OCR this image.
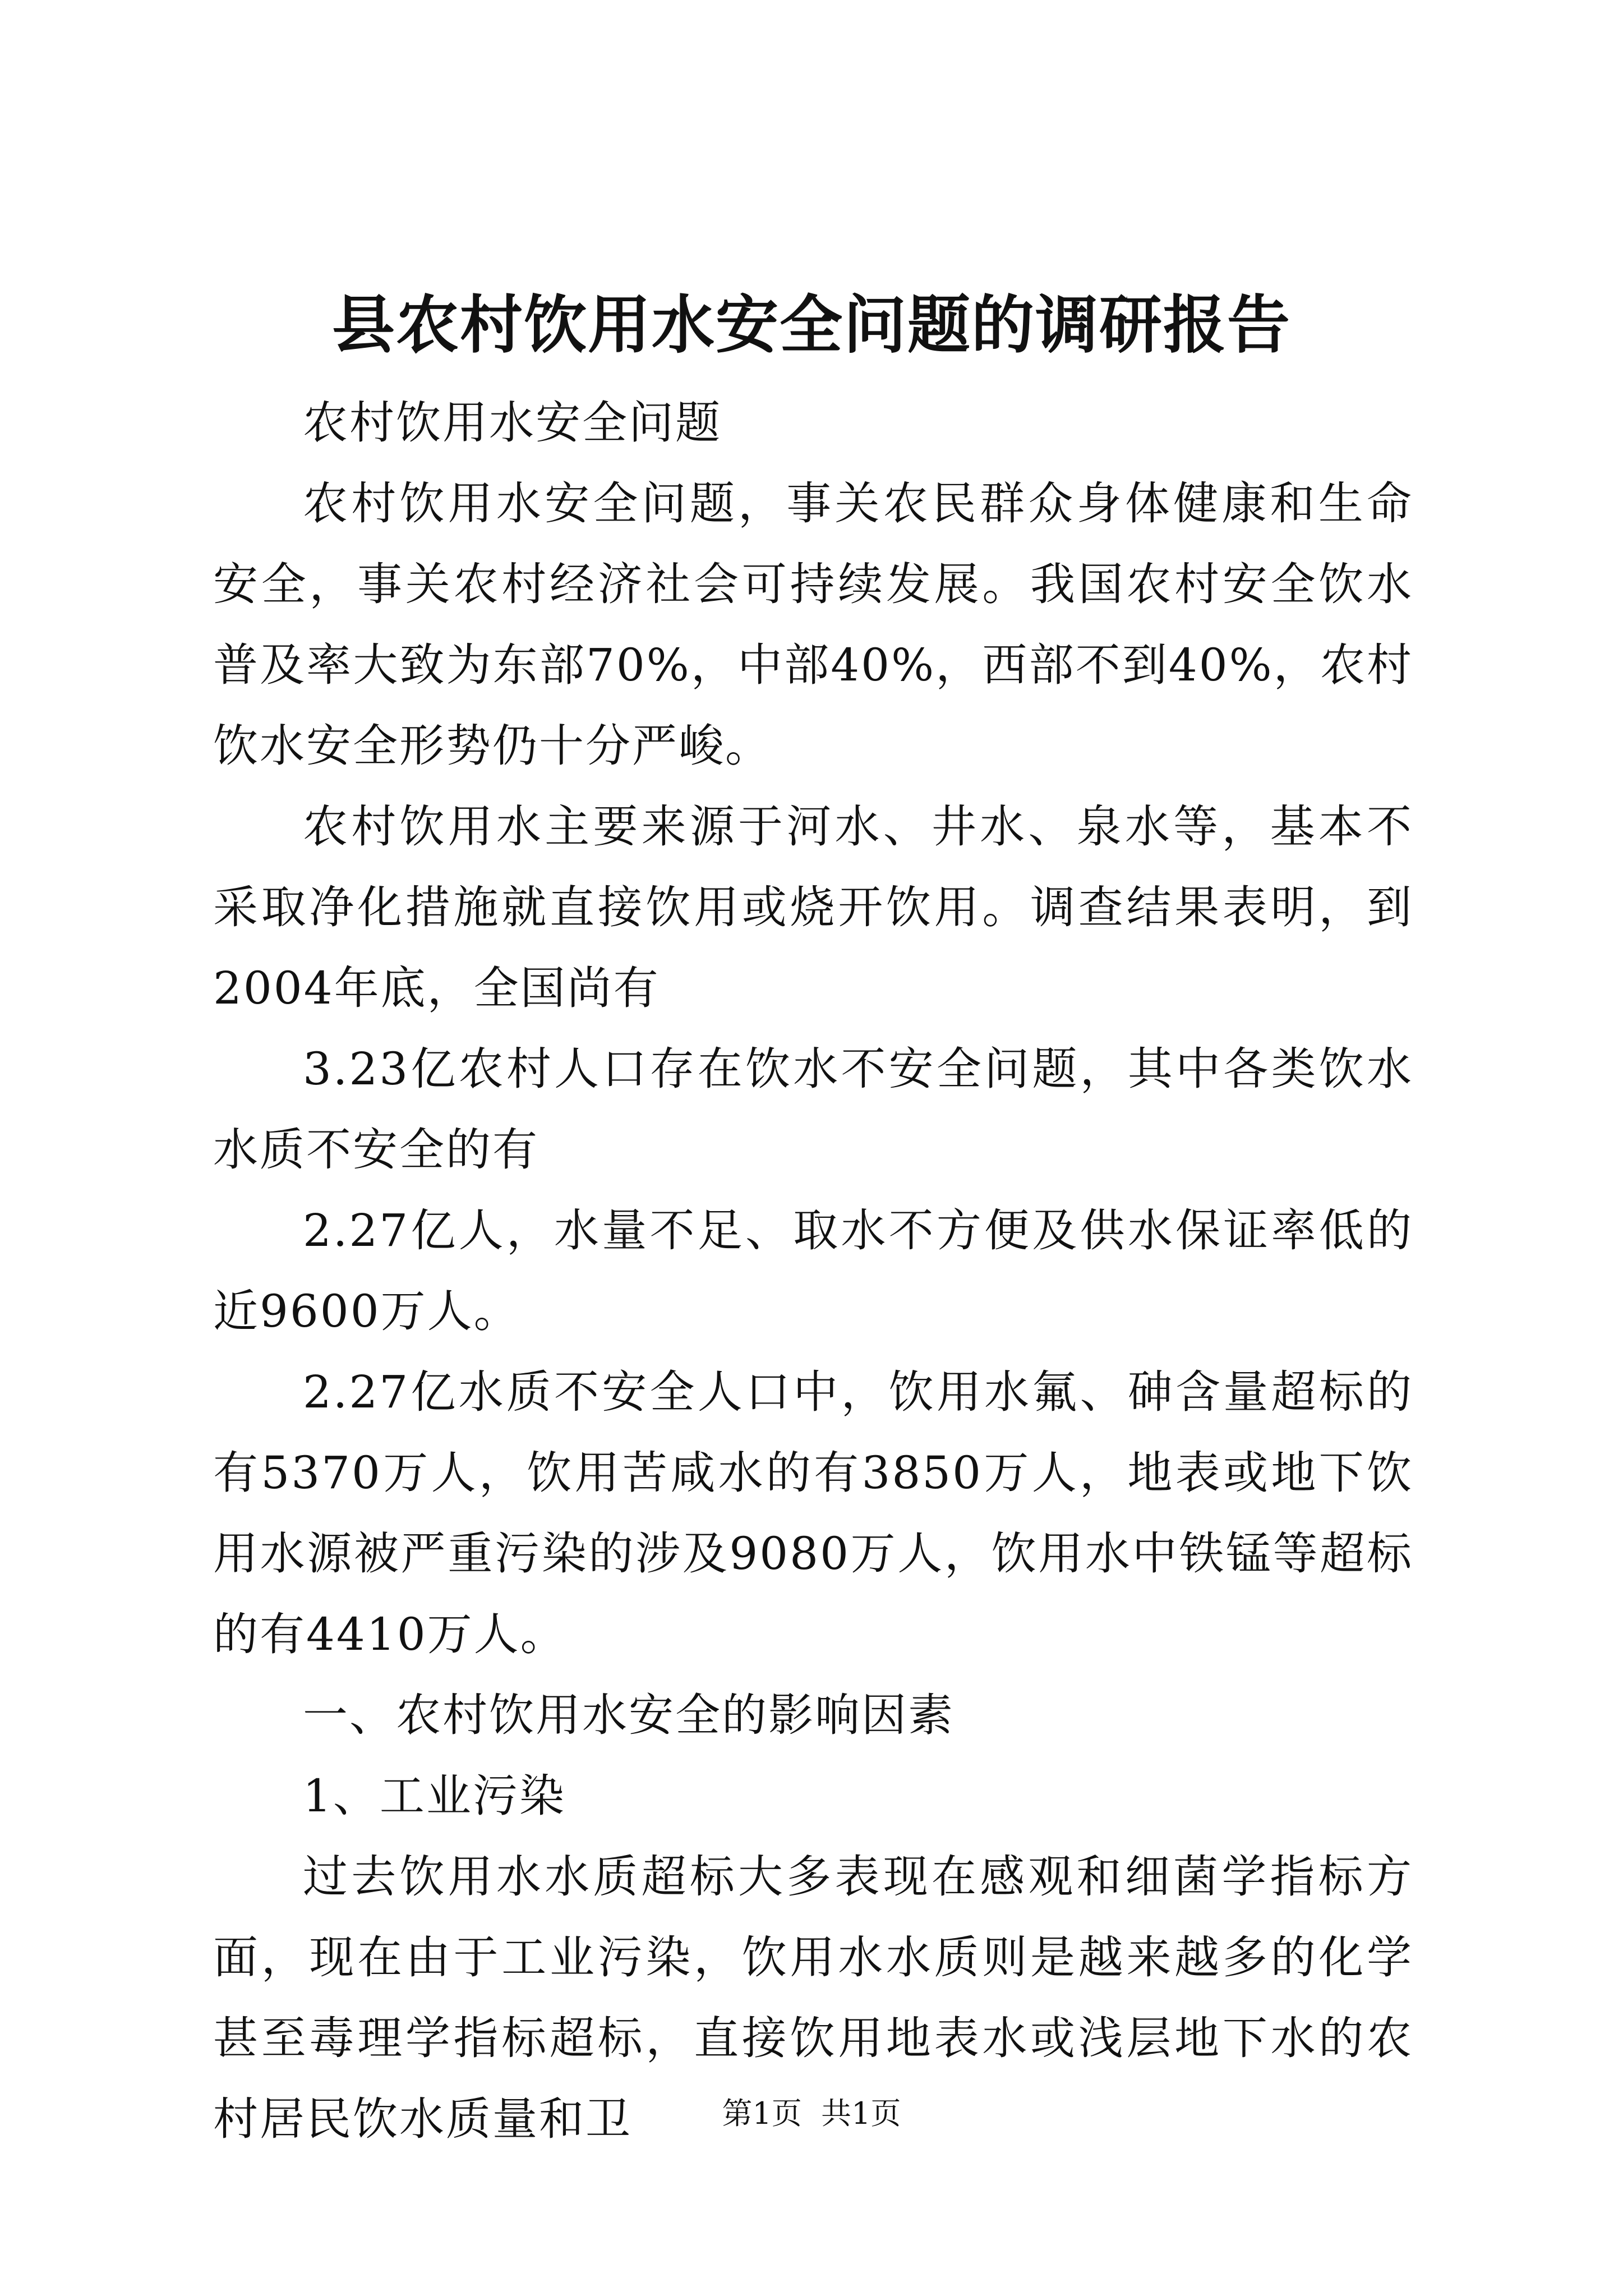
县农村饮用水安全问题的调研报告

农村饮用水安全问题

农村饮用水安全问题，事关农民群众身体健康和生命安全，事关农村经济社会可持续发展。我国农村安全饮水普及率大致为东部70%，中部40%，西部不到40%，农村饮水安全形势仍十分严峻。

农村饮用水主要来源于河水、井水、泉水等，基本不采取净化措施就直接饮用或烧开饮用。调查结果表明，到2004年底，全国尚有

3.23亿农村人口存在饮水不安全问题，其中各类饮水水质不安全的有

2.27亿人，水量不足、取水不方便及供水保证率低的近9600万人。

2.27亿水质不安全人口中，饮用水氟、砷含量超标的有5370万人，饮用苦咸水的有3850万人，地表或地下饮用水源被严重污染的涉及9080万人，饮用水中铁锰等超标的有4410万人。

一、农村饮用水安全的影响因素

1、工业污染

过去饮用水水质超标大多表现在感观和细菌学指标方面，现在由于工业污染，饮用水水质则是越来越多的化学甚至毒理学指标超标，直接饮用地表水或浅层地下水的农村居民饮水质量和卫	第1页  共1页
